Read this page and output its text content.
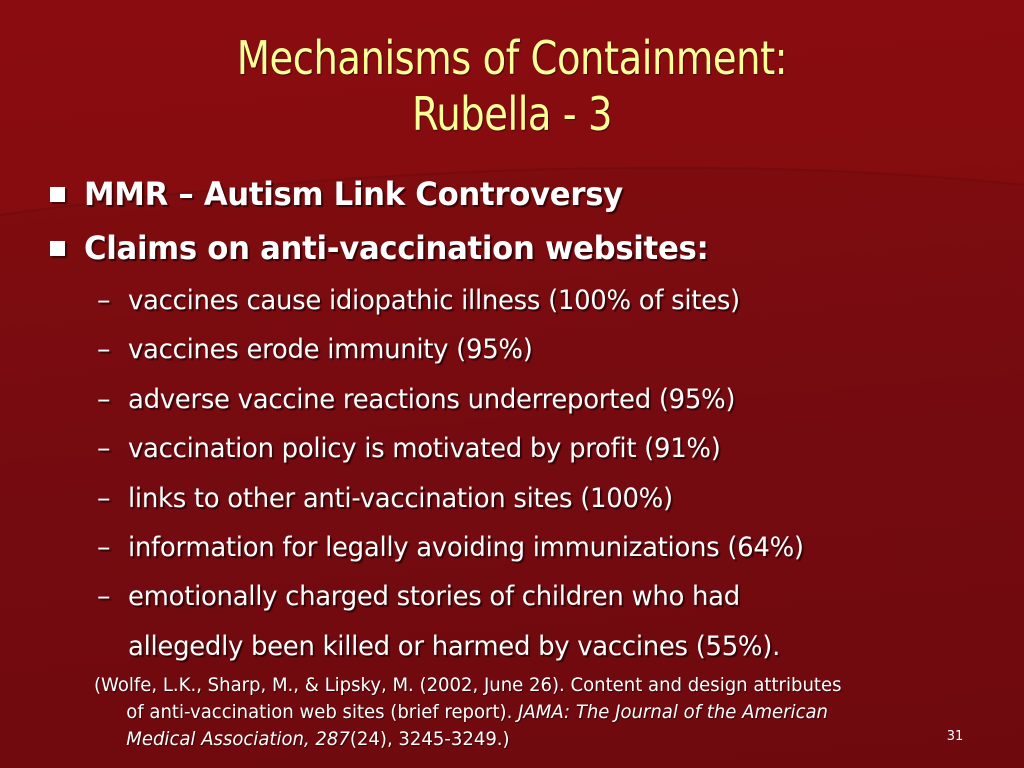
Mechanisms of Containment:
Rubella - 3
MMR – Autism Link Controversy
Claims on anti-vaccination websites:
– vaccines cause idiopathic illness (100% of sites)
– vaccines erode immunity (95%)
– adverse vaccine reactions underreported (95%)
– vaccination policy is motivated by profit (91%)
– links to other anti-vaccination sites (100%)
– information for legally avoiding immunizations (64%)
– emotionally charged stories of children who had
allegedly been killed or harmed by vaccines (55%).
(Wolfe, L.K., Sharp, M., & Lipsky, M. (2002, June 26). Content and design attributes
of anti-vaccination web sites (brief report). JAMA: The Journal of the American
Medical Association, 287(24), 3245-3249.)	31
